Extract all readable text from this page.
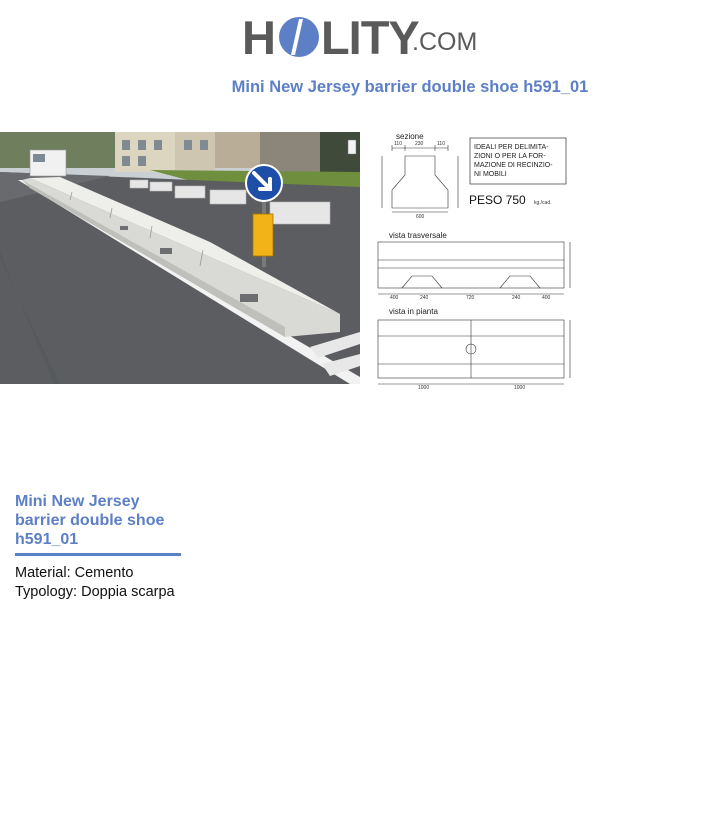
H LITY
.COM
Mini New Jersey barrier double shoe h591_01
sezione
110	230	110
600
IDEALI PER DELIMITA-
ZIONI O PER LA FOR-
MAZIONE DI RECINZIO-
NI MOBILI
PESO 750 kg./cad.
vista trasversale
400	240	720	240	400
vista in pianta
1000	1000
Mini New Jersey barrier double shoe h591_01
Material: Cemento
Typology: Doppia scarpa
